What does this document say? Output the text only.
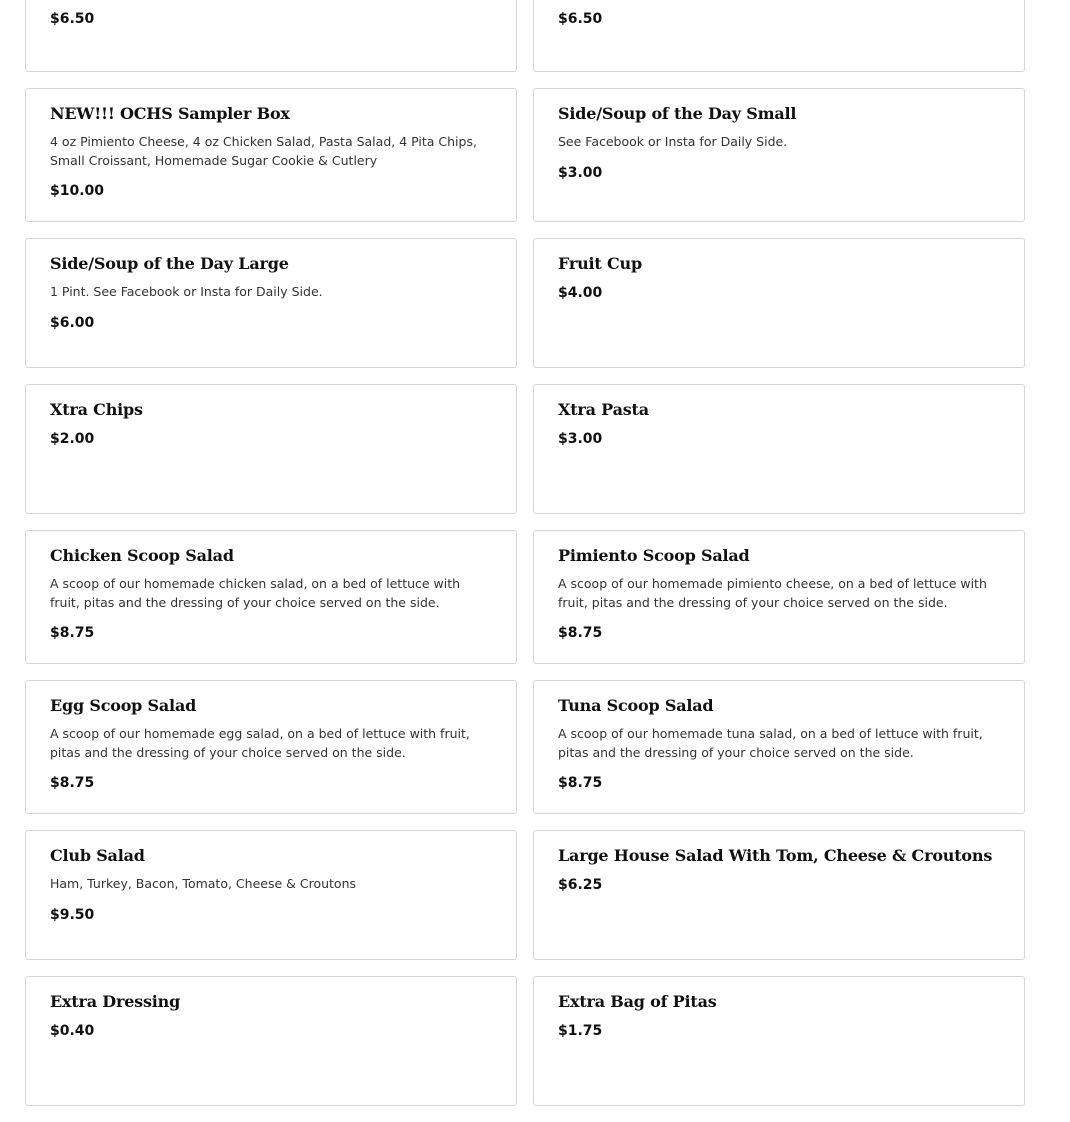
$6.50	$6.50

NEW!!! OCHS Sampler Box

4 oz Pimiento Cheese, 4 oz Chicken Salad, Pasta Salad, 4 Pita Chips, Small Croissant, Homemade Sugar Cookie & Cutlery

$10.00

Side/Soup of the Day Small

See Facebook or Insta for Daily Side.

$3.00

Side/Soup of the Day Large

1 Pint. See Facebook or Insta for Daily Side.

$6.00

Fruit Cup

$4.00

Xtra Chips

$2.00

Xtra Pasta

$3.00

Chicken Scoop Salad

A scoop of our homemade chicken salad, on a bed of lettuce with fruit, pitas and the dressing of your choice served on the side.

$8.75

Pimiento Scoop Salad

A scoop of our homemade pimiento cheese, on a bed of lettuce with fruit, pitas and the dressing of your choice served on the side.

$8.75

Egg Scoop Salad

A scoop of our homemade egg salad, on a bed of lettuce with fruit, pitas and the dressing of your choice served on the side.

$8.75

Tuna Scoop Salad

A scoop of our homemade tuna salad, on a bed of lettuce with fruit, pitas and the dressing of your choice served on the side.

$8.75

Club Salad

Ham, Turkey, Bacon, Tomato, Cheese & Croutons

$9.50

Large House Salad With Tom, Cheese & Croutons

$6.25

Extra Dressing

$0.40

Extra Bag of Pitas

$1.75
